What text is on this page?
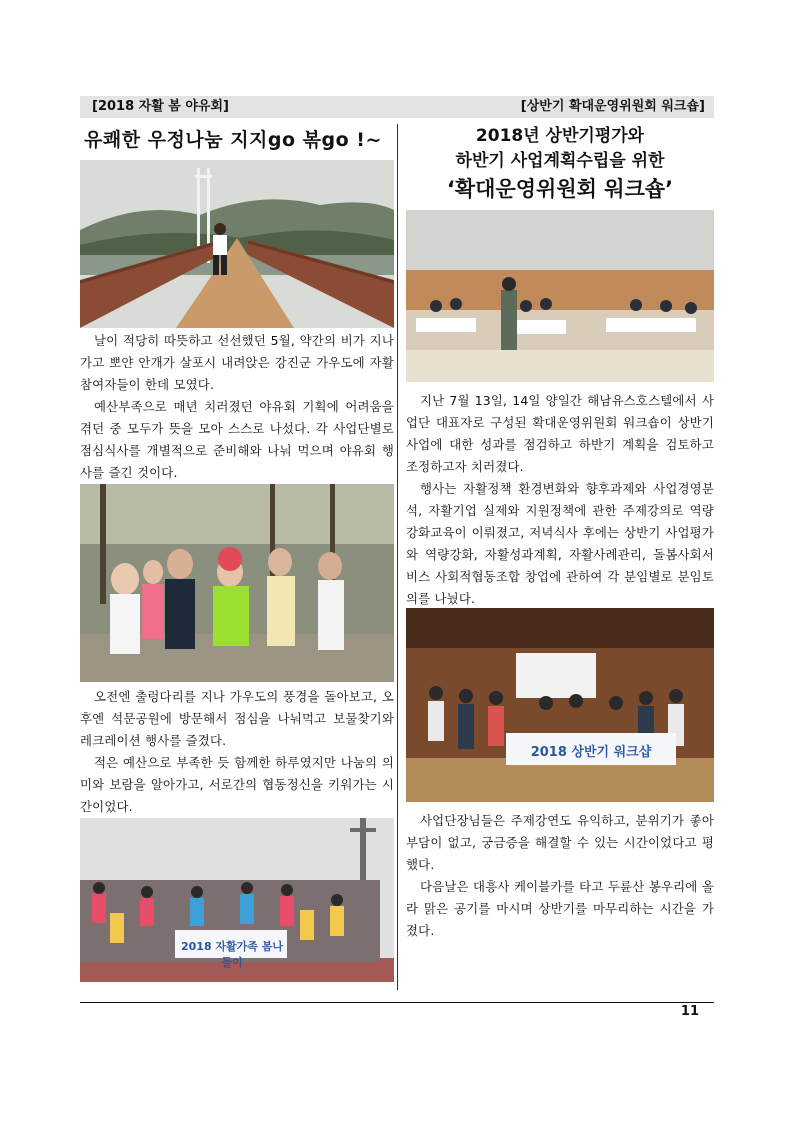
[2018 자활 봄 야유회]	[상반기 확대운영위원회 워크숍]
유쾌한 우정나눔 지지go 볶go !~

날이 적당히 따뜻하고 선선했던 5월, 약간의 비가 지나가고 뽀얀 안개가 살포시 내려앉은 강진군 가우도에 자활참여자들이 한데 모였다.

예산부족으로 매년 치러졌던 야유회 기획에 어려움을 겪던 중 모두가 뜻을 모아 스스로 나섰다. 각 사업단별로 점심식사를 개별적으로 준비해와 나눠 먹으며 야유회 행사를 즐긴 것이다.

오전엔 출렁다리를 지나 가우도의 풍경을 돌아보고, 오후엔 석문공원에 방문해서 점심을 나눠먹고 보물찾기와 레크레이션 행사를 즐겼다.

적은 예산으로 부족한 듯 함께한 하루였지만 나눔의 의미와 보람을 알아가고, 서로간의 협동정신을 키워가는 시간이었다.

2018 자활가족 봄나들이
2018년 상반기평가와
하반기 사업계획수립을 위한
‘확대운영위원회 워크숍’

지난 7월 13일, 14일 양일간 해남유스호스텔에서 사업단 대표자로 구성된 확대운영위원회 워크숍이 상반기 사업에 대한 성과를 점검하고 하반기 계획을 검토하고 조정하고자 치러졌다.

행사는 자활정책 환경변화와 향후과제와 사업경영분석, 자활기업 실제와 지원정책에 관한 주제강의로 역량강화교육이 이뤄졌고, 저녁식사 후에는 상반기 사업평가와 역량강화, 자활성과계획, 자활사례관리, 돌봄사회서비스 사회적협동조합 창업에 관하여 각 분임별로 분임토의를 나눴다.

2018 상반기 워크샵

사업단장님들은 주제강연도 유익하고, 분위기가 좋아 부담이 없고, 궁금증을 해결할 수 있는 시간이었다고 평했다.

다음날은 대흥사 케이블카를 타고 두륜산 봉우리에 올라 맑은 공기를 마시며 상반기를 마무리하는 시간을 가졌다.

11
